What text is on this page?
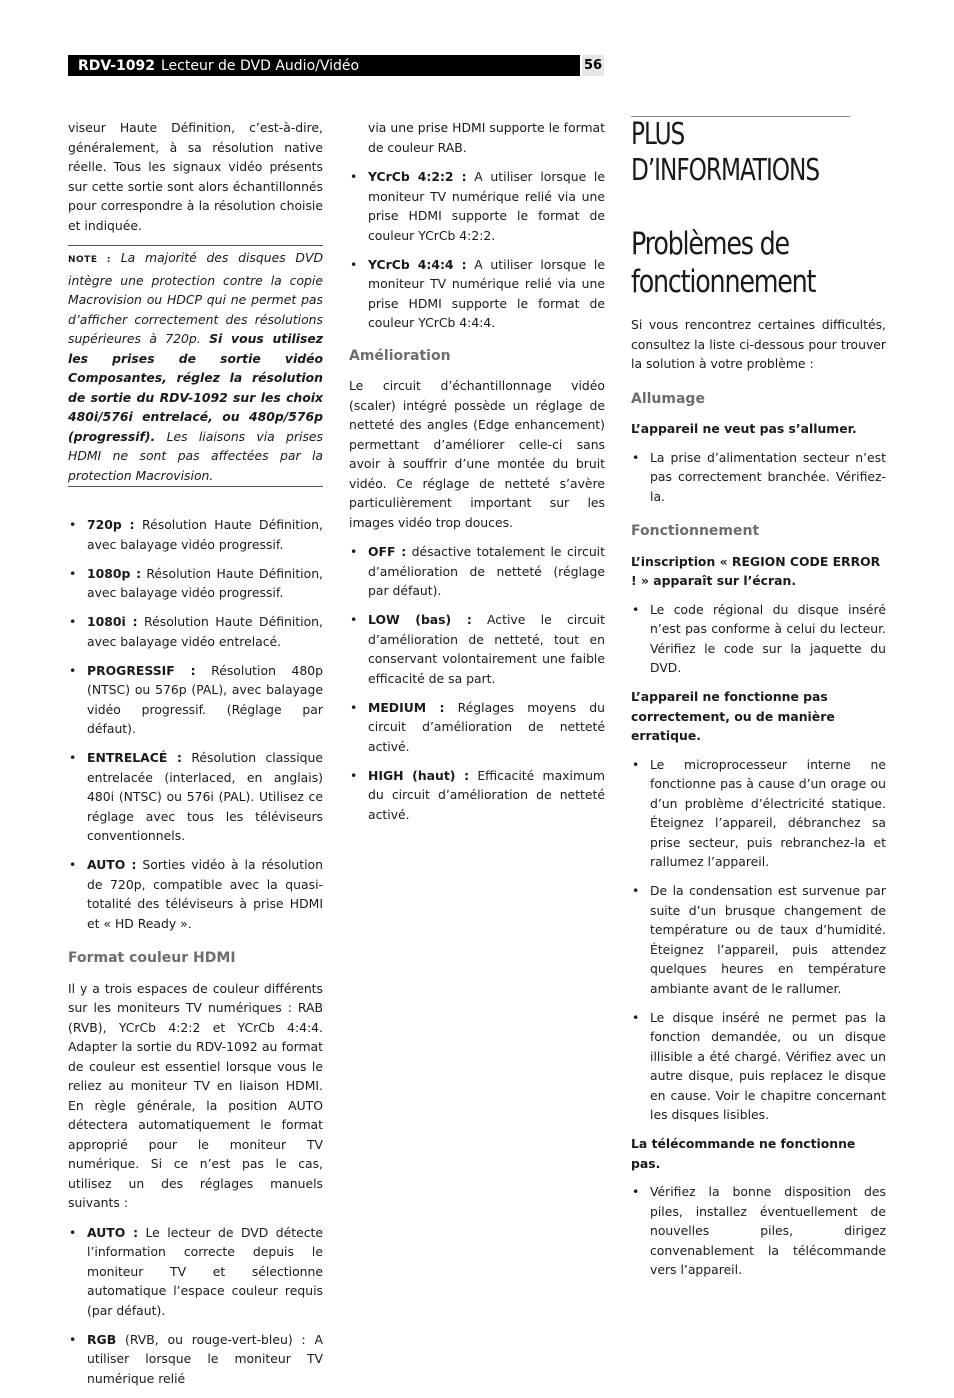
RDV-1092 Lecteur de DVD Audio/Vidéo	56

viseur Haute Définition, c’est-à-dire, généralement, à sa résolution native réelle. Tous les signaux vidéo présents sur cette sortie sont alors échantillonnés pour correspondre à la résolution choisie et indiquée.

NOTE : La majorité des disques DVD intègre une protection contre la copie Macrovision ou HDCP qui ne permet pas d’afficher correctement des résolutions supérieures à 720p. Si vous utilisez les prises de sortie vidéo Composantes, réglez la résolution de sortie du RDV-1092 sur les choix 480i/576i entrelacé, ou 480p/576p (progressif). Les liaisons via prises HDMI ne sont pas affectées par la protection Macrovision.
• 720p : Résolution Haute Définition, avec balayage vidéo progressif.
• 1080p : Résolution Haute Définition, avec balayage vidéo progressif.
• 1080i : Résolution Haute Définition, avec balayage vidéo entrelacé.
• PROGRESSIF : Résolution 480p (NTSC) ou 576p (PAL), avec balayage vidéo progressif. (Réglage par défaut).
• ENTRELACÉ : Résolution classique entrelacée (interlaced, en anglais) 480i (NTSC) ou 576i (PAL). Utilisez ce réglage avec tous les téléviseurs conventionnels.
• AUTO : Sorties vidéo à la résolution de 720p, compatible avec la quasi-totalité des téléviseurs à prise HDMI et « HD Ready ».
Format couleur HDMI

Il y a trois espaces de couleur différents sur les moniteurs TV numériques : RAB (RVB), YCrCb 4:2:2 et YCrCb 4:4:4. Adapter la sortie du RDV-1092 au format de couleur est essentiel lorsque vous le reliez au moniteur TV en liaison HDMI. En règle générale, la position AUTO détectera automatiquement le format approprié pour le moniteur TV numérique. Si ce n’est pas le cas, utilisez un des réglages manuels suivants :

• AUTO : Le lecteur de DVD détecte l’information correcte depuis le moniteur TV et sélectionne automatique l’espace couleur requis (par défaut).
• RGB (RVB, ou rouge-vert-bleu) : A utiliser lorsque le moniteur TV numérique relié

via une prise HDMI supporte le format de couleur RAB.

• YCrCb 4:2:2 : A utiliser lorsque le moniteur TV numérique relié via une prise HDMI supporte le format de couleur YCrCb 4:2:2.
• YCrCb 4:4:4 : A utiliser lorsque le moniteur TV numérique relié via une prise HDMI supporte le format de couleur YCrCb 4:4:4.
Amélioration

Le circuit d’échantillonnage vidéo (scaler) intégré possède un réglage de netteté des angles (Edge enhancement) permettant d’améliorer celle-ci sans avoir à souffrir d’une montée du bruit vidéo. Ce réglage de netteté s’avère particulièrement important sur les images vidéo trop douces.

• OFF : désactive totalement le circuit d’amélioration de netteté (réglage par défaut).
• LOW (bas) : Active le circuit d’amélioration de netteté, tout en conservant volontairement une faible efficacité de sa part.
• MEDIUM : Réglages moyens du circuit d’amélioration de netteté activé.
• HIGH (haut) : Efficacité maximum du circuit d’amélioration de netteté activé.
PLUS D’INFORMATIONS
Problèmes de
fonctionnement

Si vous rencontrez certaines difficultés, consultez la liste ci-dessous pour trouver la solution à votre problème :

Allumage

L’appareil ne veut pas s’allumer.

• La prise d’alimentation secteur n’est pas correctement branchée. Vérifiez-la.
Fonctionnement

L’inscription « REGION CODE ERROR ! » apparaît sur l’écran.

• Le code régional du disque inséré n’est pas conforme à celui du lecteur. Vérifiez le code sur la jaquette du DVD.

L’appareil ne fonctionne pas correctement, ou de manière erratique.

• Le microprocesseur interne ne fonctionne pas à cause d’un orage ou d’un problème d’électricité statique. Éteignez l’appareil, débranchez sa prise secteur, puis rebranchez-la et rallumez l’appareil.
• De la condensation est survenue par suite d’un brusque changement de température ou de taux d’humidité. Éteignez l’appareil, puis attendez quelques heures en température ambiante avant de le rallumer.
• Le disque inséré ne permet pas la fonction demandée, ou un disque illisible a été chargé. Vérifiez avec un autre disque, puis replacez le disque en cause. Voir le chapitre concernant les disques lisibles.

La télécommande ne fonctionne pas.

• Vérifiez la bonne disposition des piles, installez éventuellement de nouvelles piles, dirigez convenablement la télécommande vers l’appareil.
